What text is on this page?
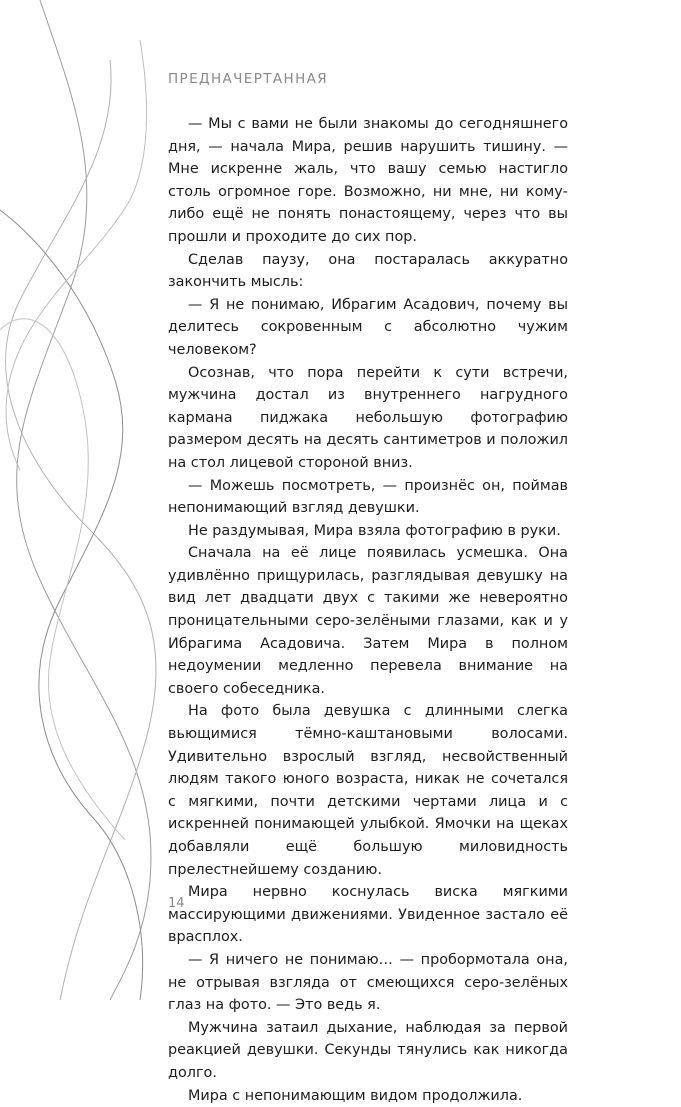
ПРЕДНАЧЕРТАННАЯ

— Мы с вами не были знакомы до сегодняшнего дня, — начала Мира, решив нарушить тишину. — Мне искренне жаль, что вашу семью настигло столь огромное горе. Возможно, ни мне, ни кому-либо ещё не понять понастоящему, через что вы прошли и проходите до сих пор.

Сделав паузу, она постаралась аккуратно закончить мысль:

— Я не понимаю, Ибрагим Асадович, почему вы делитесь сокровенным с абсолютно чужим человеком?

Осознав, что пора перейти к сути встречи, мужчина достал из внутреннего нагрудного кармана пиджака небольшую фотографию размером десять на десять сантиметров и положил на стол лицевой стороной вниз.

— Можешь посмотреть, — произнёс он, поймав непонимающий взгляд девушки.

Не раздумывая, Мира взяла фотографию в руки.

Сначала на её лице появилась усмешка. Она удивлённо прищурилась, разглядывая девушку на вид лет двадцати двух с такими же невероятно проницательными серо-зелёными глазами, как и у Ибрагима Асадовича. Затем Мира в полном недоумении медленно перевела внимание на своего собеседника.

На фото была девушка с длинными слегка вьющимися тёмно-каштановыми волосами. Удивительно взрослый взгляд, несвойственный людям такого юного возраста, никак не сочетался с мягкими, почти детскими чертами лица и с искренней понимающей улыбкой. Ямочки на щеках добавляли ещё большую миловидность прелестнейшему созданию.

Мира нервно коснулась виска мягкими массирующими движениями. Увиденное застало её врасплох.

— Я ничего не понимаю… — пробормотала она, не отрывая взгляда от смеющихся серо-зелёных глаз на фото. — Это ведь я.

Мужчина затаил дыхание, наблюдая за первой реакцией девушки. Секунды тянулись как никогда долго.

Мира с непонимающим видом продолжила.

14
